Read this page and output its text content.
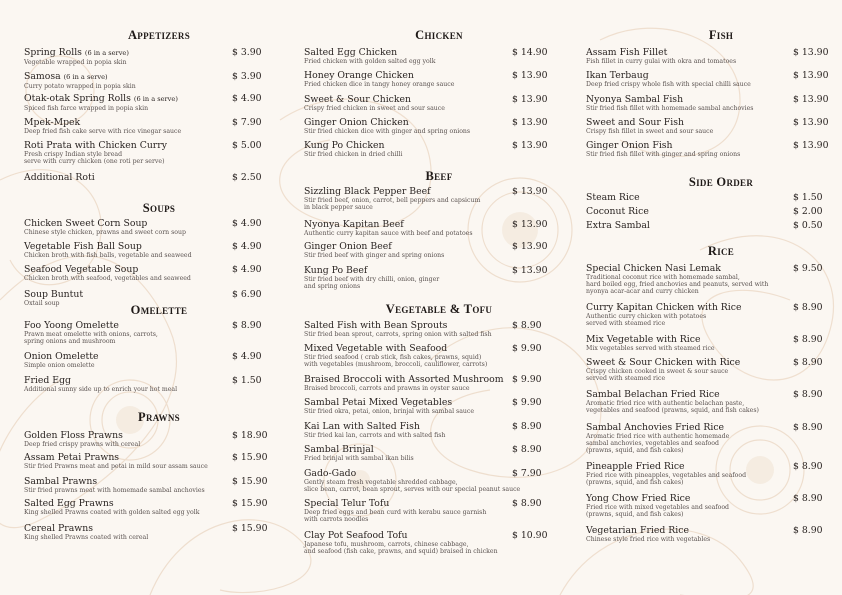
Appetizers
Spring Rolls (6 in a serve)
Vegetable wrapped in popia skin
$ 3.90
Samosa (6 in a serve)
Curry potato wrapped in popia skin
$ 3.90
Otak-otak Spring Rolls (6 in a serve)
Spiced fish farce wrapped in popia skin
$ 4.90
Mpek-Mpek
Deep fried fish cake serve with rice vinegar sauce
$ 7.90
Roti Prata with Chicken Curry
Fresh crispy Indian style bread
serve with curry chicken (one roti per serve)
$ 5.00
Additional Roti	$ 2.50
Soups
Chicken Sweet Corn Soup
Chinese style chicken, prawns and sweet corn soup
$ 4.90
Vegetable Fish Ball Soup
Chicken broth with fish balls, vegetable and seaweed
$ 4.90
Seafood Vegetable Soup
Chicken broth with seafood, vegetables and seaweed
$ 4.90
Soup Buntut
Oxtail soup
$ 6.90
Omelette
Foo Yoong Omelette
Prawn meat omelette with onions, carrots,
spring onions and mushroom
$ 8.90
Onion Omelette
Simple onion omelette
$ 4.90
Fried Egg
Additional sunny side up to enrich your hot meal
$ 1.50
Prawns
Golden Floss Prawns
Deep fried crispy prawns with cereal
$ 18.90
Assam Petai Prawns
Stir fried Prawns meat and petai in mild sour assam sauce
$ 15.90
Sambal Prawns
Stir fried prawns meat with homemade sambal anchovies
$ 15.90
Salted Egg Prawns
King shelled Prawns coated with golden salted egg yolk
$ 15.90
Cereal Prawns
King shelled Prawns coated with cereal
$ 15.90
Chicken
Salted Egg Chicken
Fried chicken with golden salted egg yolk
$ 14.90
Honey Orange Chicken
Fried chicken dice in tangy honey orange sauce
$ 13.90
Sweet & Sour Chicken
Crispy fried chicken in sweet and sour sauce
$ 13.90
Ginger Onion Chicken
Stir fried chicken dice with ginger and spring onions
$ 13.90
Kung Po Chicken
Stir fried chicken in dried chilli
$ 13.90
Beef
Sizzling Black Pepper Beef
Stir fried beef, onion, carrot, bell peppers and capsicum
in black pepper sauce
$ 13.90
Nyonya Kapitan Beef
Authentic curry kapitan sauce with beef and potatoes
$ 13.90
Ginger Onion Beef
Stir fried beef with ginger and spring onions
$ 13.90
Kung Po Beef
Stir fried beef with dry chilli, onion, ginger
and spring onions
$ 13.90
Vegetable & Tofu
Salted Fish with Bean Sprouts
Stir fried bean sprout, carrots, spring onion with salted fish
$ 8.90
Mixed Vegetable with Seafood
Stir fried seafood ( crab stick, fish cakes, prawns, squid)
with vegetables (mushroom, broccoli, cauliflower, carrots)
$ 9.90
Braised Broccoli with Assorted Mushroom
Braised broccoli, carrots and prawns in oyster sauce
$ 9.90
Sambal Petai Mixed Vegetables
Stir fried okra, petai, onion, brinjal with sambal sauce
$ 9.90
Kai Lan with Salted Fish
Stir fried kai lan, carrots and with salted fish
$ 8.90
Sambal Brinjal
Fried brinjal with sambal ikan bilis
$ 8.90
Gado-Gado
Gently steam fresh vegetable shredded cabbage,
slice bean, carrot, bean sprout, serves with our special peanut sauce
$ 7.90
Special Telur Tofu
Deep fried eggs and bean curd with kerabu sauce garnish
with carrots noodles
$ 8.90
Clay Pot Seafood Tofu
Japanese tofu, mushroom, carrots, chinese cabbage,
and seafood (fish cake, prawns, and squid) braised in chicken
$ 10.90
Fish
Assam Fish Fillet
Fish fillet in curry gulai with okra and tomatoes
$ 13.90
Ikan Terbaug
Deep fried crispy whole fish with special chilli sauce
$ 13.90
Nyonya Sambal Fish
Stir fried fish fillet with homemade sambal anchovies
$ 13.90
Sweet and Sour Fish
Crispy fish fillet in sweet and sour sauce
$ 13.90
Ginger Onion Fish
Stir fried fish fillet with ginger and spring onions
$ 13.90
Side Order
Steam Rice	$ 1.50
Coconut Rice	$ 2.00
Extra Sambal	$ 0.50
Rice
Special Chicken Nasi Lemak
Traditional coconut rice with homemade sambal,
hard boiled egg, fried anchovies and peanuts, served with
nyonya acar-acar and curry chicken
$ 9.50
Curry Kapitan Chicken with Rice
Authentic curry chicken with potatoes
served with steamed rice
$ 8.90
Mix Vegetable with Rice
Mix vegetables served with steamed rice
$ 8.90
Sweet & Sour Chicken with Rice
Crispy chicken cooked in sweet & sour sauce
served with steamed rice
$ 8.90
Sambal Belachan Fried Rice
Aromatic fried rice with authentic belachan paste,
vegetables and seafood (prawns, squid, and fish cakes)
$ 8.90
Sambal Anchovies Fried Rice
Aromatic fried rice with authentic homemade
sambal anchovies, vegetables and seafood
(prawns, squid, and fish cakes)
$ 8.90
Pineapple Fried Rice
Fried rice with pineapples, vegetables and seafood
(prawns, squid, and fish cakes)
$ 8.90
Yong Chow Fried Rice
Fried rice with mixed vegetables and seafood
(prawns, squid, and fish cakes)
$ 8.90
Vegetarian Fried Rice
Chinese style fried rice with vegetables
$ 8.90
